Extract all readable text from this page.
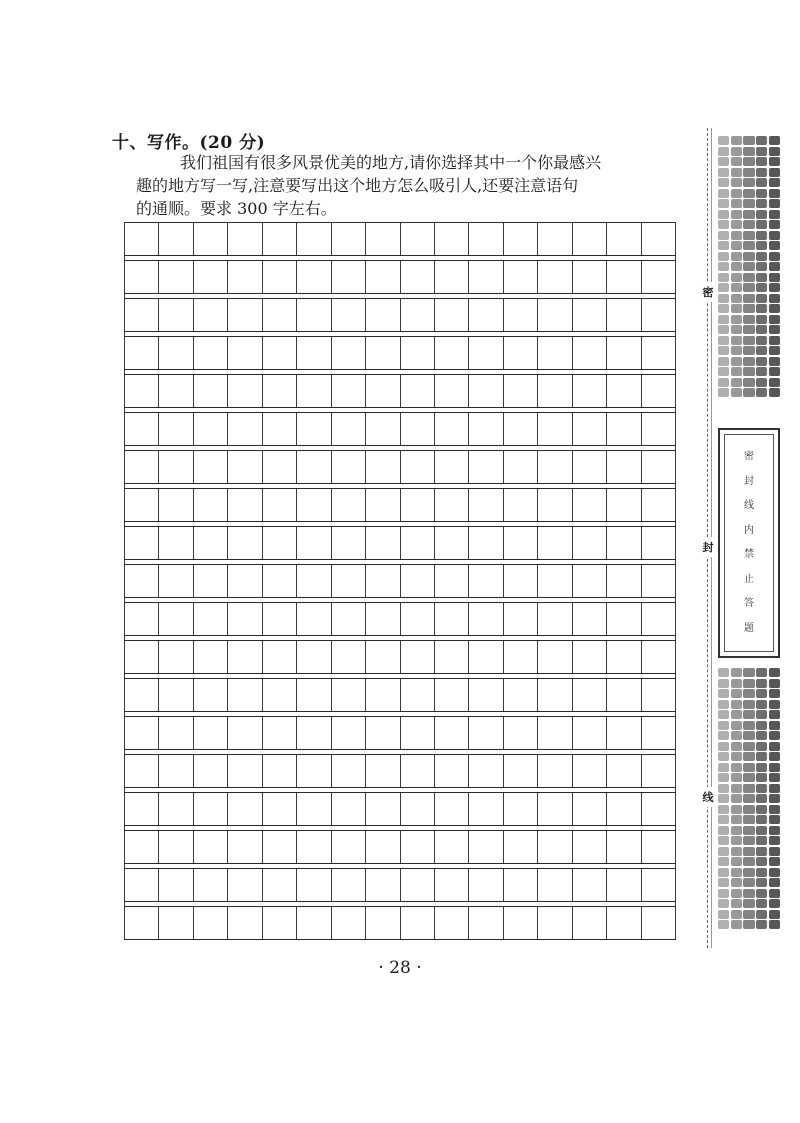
十、写作。(20 分)
我们祖国有很多风景优美的地方,请你选择其中一个你最感兴
趣的地方写一写,注意要写出这个地方怎么吸引人,还要注意语句
的通顺。要求 300 字左右。
· 28 ·
密
封
线
密
封
线
内
禁
止
答
题
